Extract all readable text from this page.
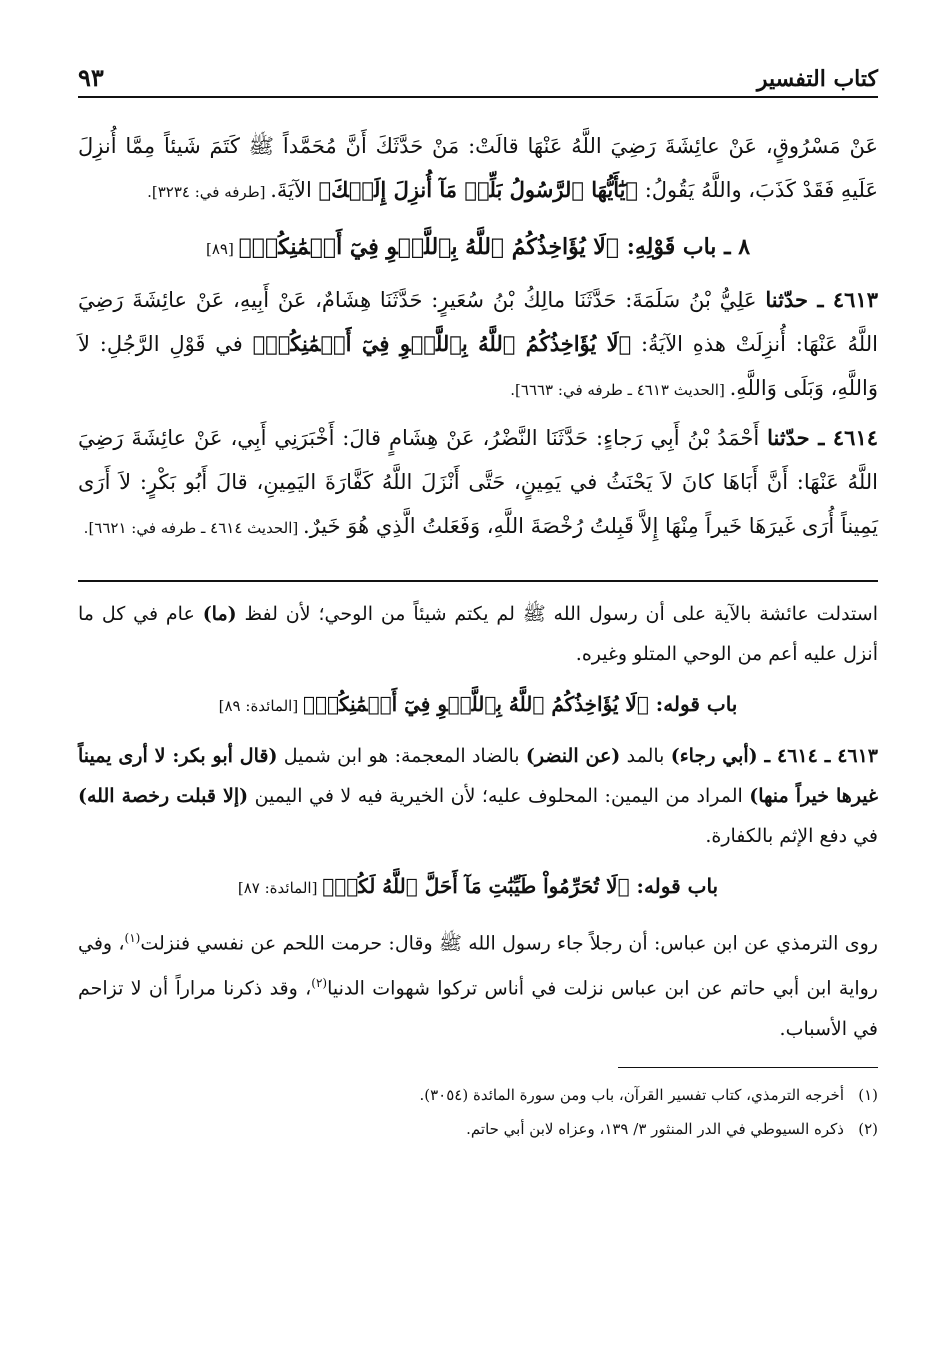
كتاب التفسير
٩٣

عَنْ مَسْرُوقٍ، عَنْ عائِشَةَ رَضِيَ اللَّهُ عَنْهَا قالَتْ: مَنْ حَدَّثَكَ أَنَّ مُحَمَّداً ﷺ كَتَمَ شَيئاً مِمَّا أُنزِلَ عَلَيهِ فَقَدْ كَذَبَ، واللَّهُ يَقُولُ: ﴿يَٰٓأَيُّهَا ٱلرَّسُولُ بَلِّغۡ مَآ أُنزِلَ إِلَيۡكَ﴾ الآيَةَ. [طرفه في: ٣٢٣٤].

٨ ـ باب قَوْلِهِ: ﴿لَا يُؤَاخِذُكُمُ ٱللَّهُ بِٱللَّغۡوِ فِيٓ أَيۡمَٰنِكُمۡ﴾ [٨٩]

٤٦١٣ ـ حدّثنا عَلِيُّ بْنُ سَلَمَةَ: حَدَّثَنَا مالِكُ بْنُ سُعَيرٍ: حَدَّثَنَا هِشَامٌ، عَنْ أَبِيهِ، عَنْ عائِشَةَ رَضِيَ اللَّهُ عَنْهَا: أُنزِلَتْ هذهِ الآيَةُ: ﴿لَا يُؤَاخِذُكُمُ ٱللَّهُ بِٱللَّغۡوِ فِيٓ أَيۡمَٰنِكُمۡ﴾ في قَوْلِ الرَّجُلِ: لاَ وَاللَّهِ، وَبَلَى وَاللَّهِ. [الحديث ٤٦١٣ ـ طرفه في: ٦٦٦٣].

٤٦١٤ ـ حدّثنا أَحْمَدُ بْنُ أَبِي رَجاءٍ: حَدَّثَنَا النَّضْرُ، عَنْ هِشَامٍ قالَ: أَخْبَرَنِي أَبِي، عَنْ عائِشَةَ رَضِيَ اللَّهُ عَنْهَا: أَنَّ أَبَاهَا كانَ لاَ يَحْنَثُ في يَمِينٍ، حَتَّى أَنْزَلَ اللَّهُ كَفَّارَةَ اليَمِينِ، قالَ أَبُو بَكْرٍ: لاَ أَرَى يَمِيناً أُرَى غَيرَهَا خَيراً مِنْهَا إِلاَّ قَبِلتُ رُخْصَةَ اللَّهِ، وَفَعَلتُ الَّذِي هُوَ خَيرٌ. [الحديث ٤٦١٤ ـ طرفه في: ٦٦٢١].

استدلت عائشة بالآية على أن رسول الله ﷺ لم يكتم شيئاً من الوحي؛ لأن لفظ (ما) عام في كل ما أنزل عليه أعم من الوحي المتلو وغيره.

باب قوله: ﴿لَا يُؤَاخِذُكُمُ ٱللَّهُ بِٱللَّغۡوِ فِيٓ أَيۡمَٰنِكُمۡ﴾ [المائدة: ٨٩]

٤٦١٣ ـ ٤٦١٤ ـ (أبي رجاء) بالمد (عن النضر) بالضاد المعجمة: هو ابن شميل (قال أبو بكر: لا أرى يميناً غيرها خيراً منها) المراد من اليمين: المحلوف عليه؛ لأن الخيرية فيه لا في اليمين (إلا قبلت رخصة الله) في دفع الإثم بالكفارة.

باب قوله: ﴿لَا تُحَرِّمُواْ طَيِّبَٰتِ مَآ أَحَلَّ ٱللَّهُ لَكُمۡ﴾ [المائدة: ٨٧]

روى الترمذي عن ابن عباس: أن رجلاً جاء رسول الله ﷺ وقال: حرمت اللحم عن نفسي فنزلت$^{(١)}$، وفي رواية ابن أبي حاتم عن ابن عباس نزلت في أناس تركوا شهوات الدنيا$^{(٢)}$، وقد ذكرنا مراراً أن لا تزاحم في الأسباب.

(١)أخرجه الترمذي، كتاب تفسير القرآن، باب ومن سورة المائدة (٣٠٥٤).

(٢)ذكره السيوطي في الدر المنثور ٣/ ١٣٩، وعزاه لابن أبي حاتم.
